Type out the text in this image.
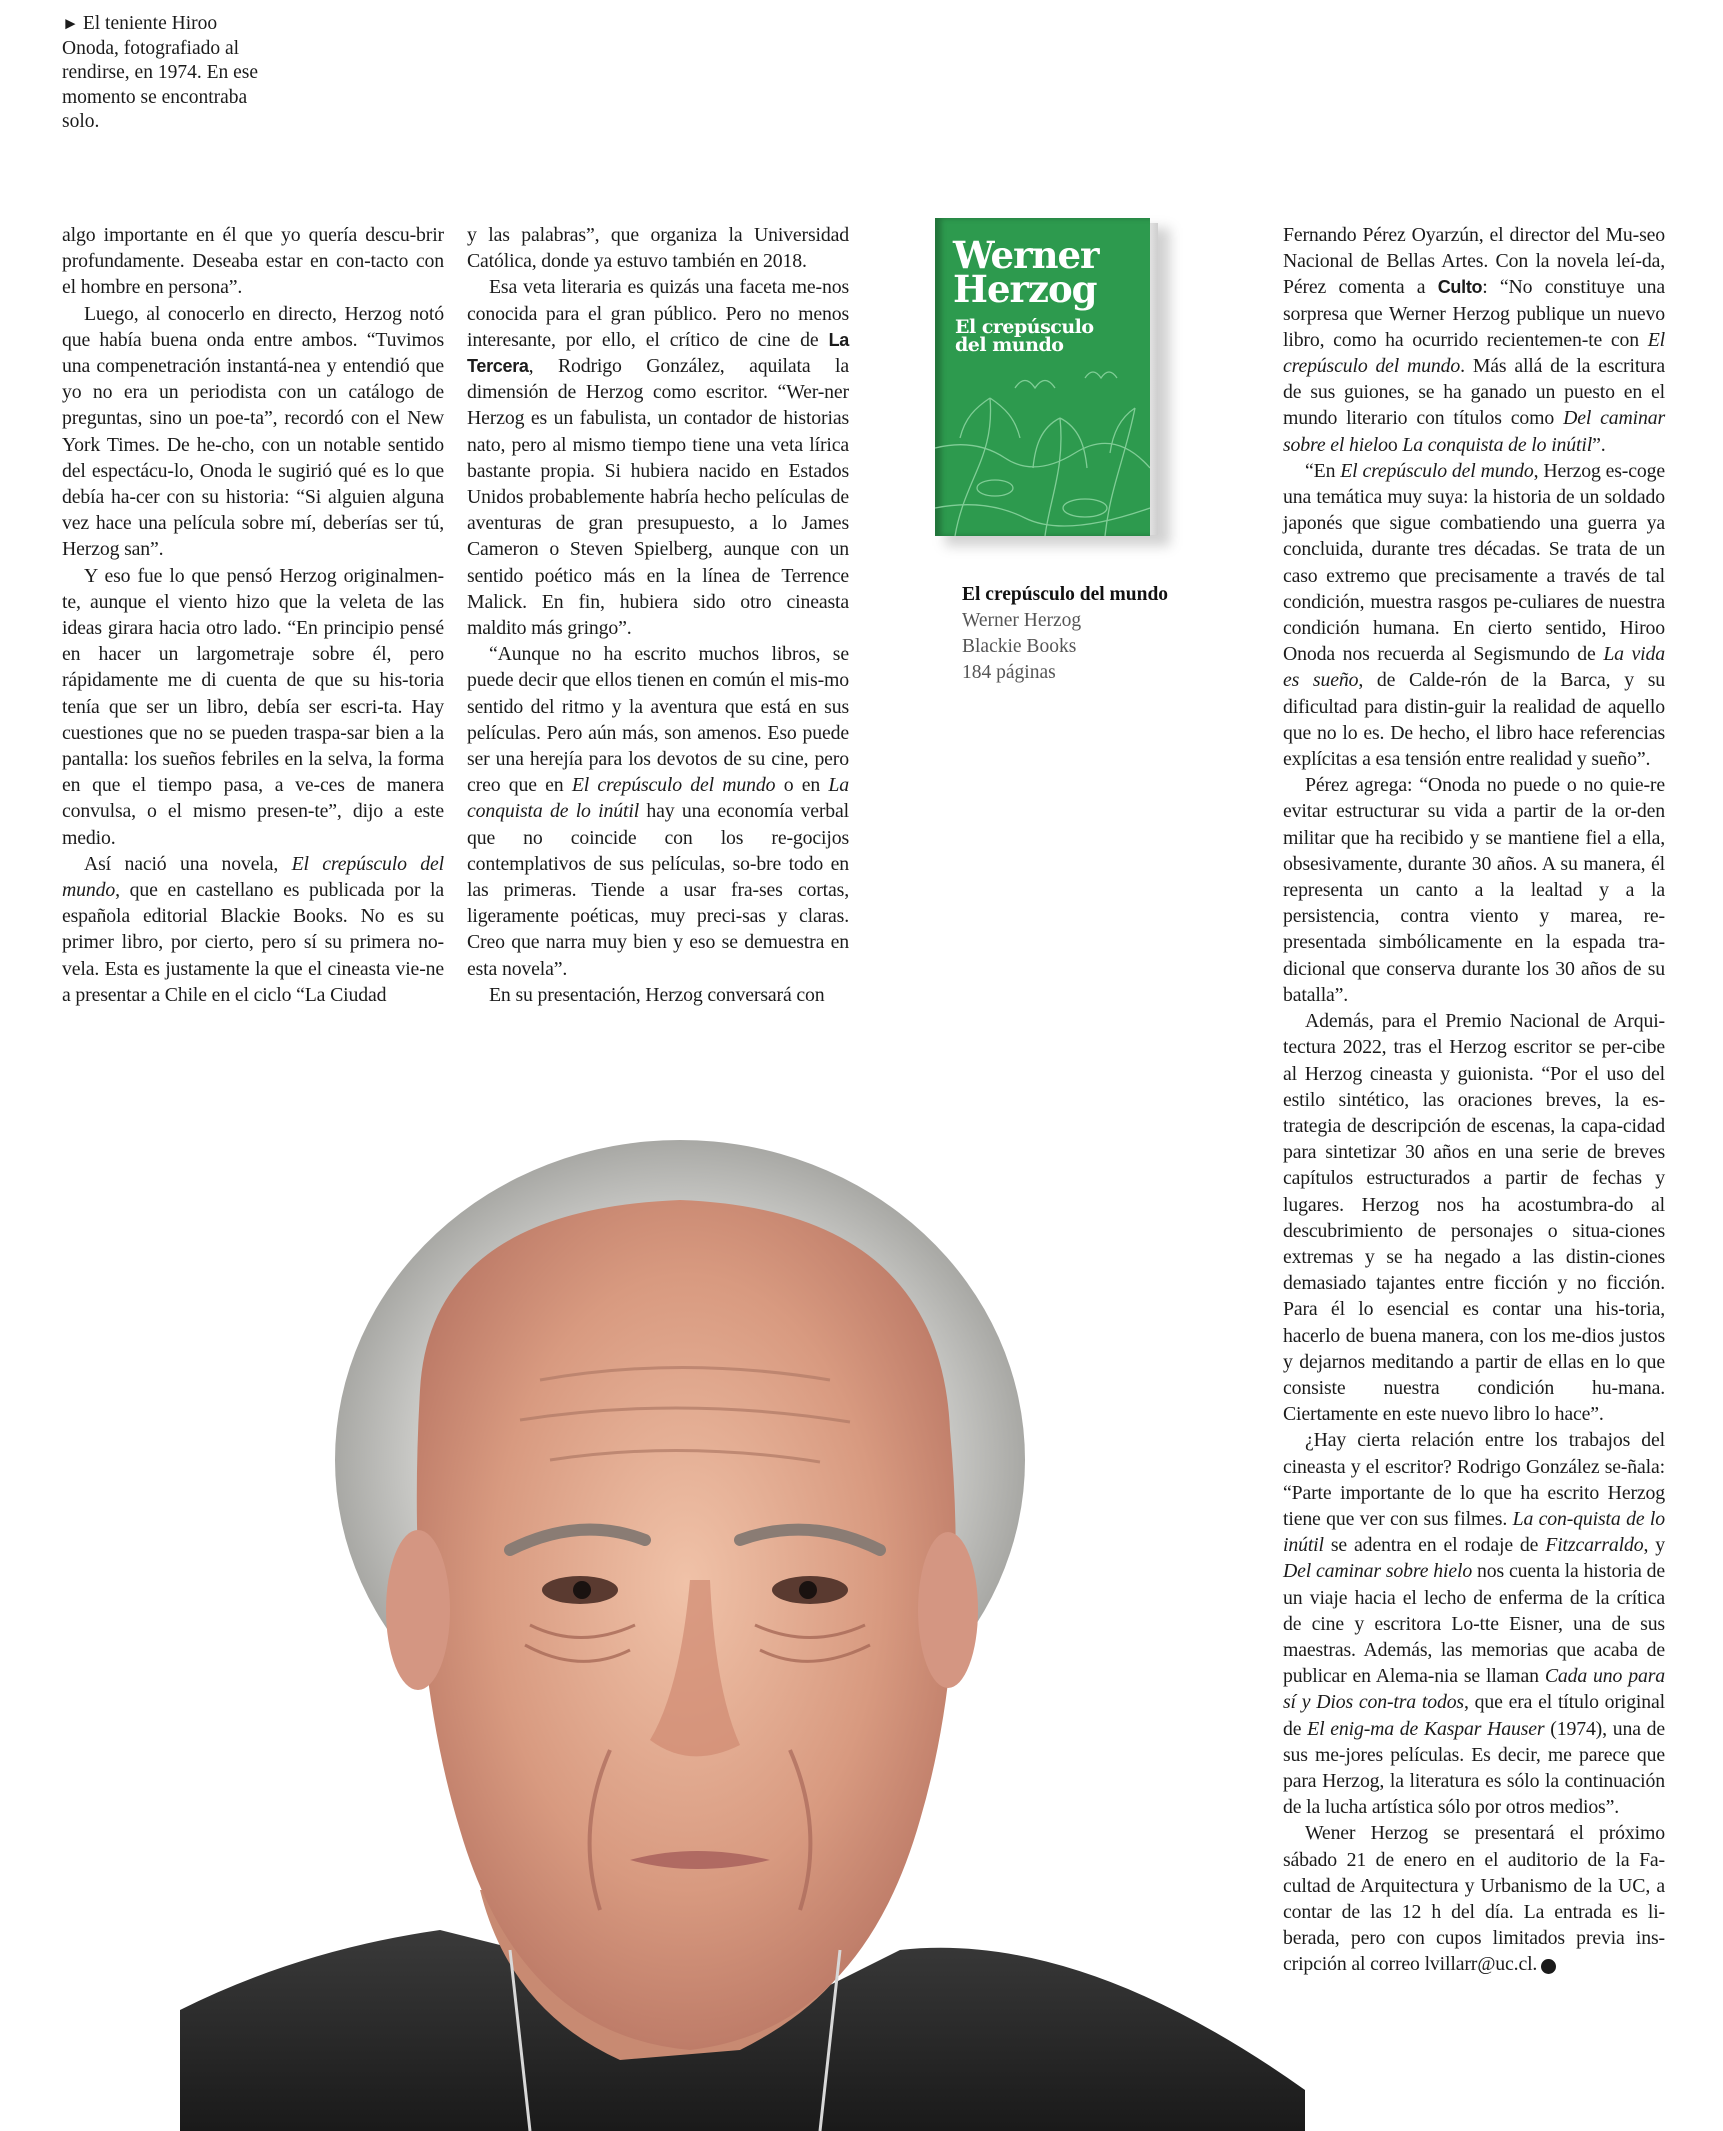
► El teniente Hiroo Onoda, fotografiado al rendirse, en 1974. En ese momento se encontraba solo.

algo importante en él que yo quería descu-brir profundamente. Deseaba estar en con-tacto con el hombre en persona”.

Luego, al conocerlo en directo, Herzog notó que había buena onda entre ambos. “Tuvimos una compenetración instantá-nea y entendió que yo no era un periodista con un catálogo de preguntas, sino un poe-ta”, recordó con el New York Times. De he-cho, con un notable sentido del espectácu-lo, Onoda le sugirió qué es lo que debía ha-cer con su historia: “Si alguien alguna vez hace una película sobre mí, deberías ser tú, Herzog san”.

Y eso fue lo que pensó Herzog originalmen-te, aunque el viento hizo que la veleta de las ideas girara hacia otro lado. “En principio pensé en hacer un largometraje sobre él, pero rápidamente me di cuenta de que su his-toria tenía que ser un libro, debía ser escri-ta. Hay cuestiones que no se pueden traspa-sar bien a la pantalla: los sueños febriles en la selva, la forma en que el tiempo pasa, a ve-ces de manera convulsa, o el mismo presen-te”, dijo a este medio.

Así nació una novela, El crepúsculo del mundo, que en castellano es publicada por la española editorial Blackie Books. No es su primer libro, por cierto, pero sí su primera no-vela. Esta es justamente la que el cineasta vie-ne a presentar a Chile en el ciclo “La Ciudad

y las palabras”, que organiza la Universidad Católica, donde ya estuvo también en 2018.

Esa veta literaria es quizás una faceta me-nos conocida para el gran público. Pero no menos interesante, por ello, el crítico de cine de La Tercera, Rodrigo González, aquilata la dimensión de Herzog como escritor. “Wer-ner Herzog es un fabulista, un contador de historias nato, pero al mismo tiempo tiene una veta lírica bastante propia. Si hubiera nacido en Estados Unidos probablemente habría hecho películas de aventuras de gran presupuesto, a lo James Cameron o Steven Spielberg, aunque con un sentido poético más en la línea de Terrence Malick. En fin, hubiera sido otro cineasta maldito más gringo”.

“Aunque no ha escrito muchos libros, se puede decir que ellos tienen en común el mis-mo sentido del ritmo y la aventura que está en sus películas. Pero aún más, son amenos. Eso puede ser una herejía para los devotos de su cine, pero creo que en El crepúsculo del mundo o en La conquista de lo inútil hay una economía verbal que no coincide con los re-gocijos contemplativos de sus películas, so-bre todo en las primeras. Tiende a usar fra-ses cortas, ligeramente poéticas, muy preci-sas y claras. Creo que narra muy bien y eso se demuestra en esta novela”.

En su presentación, Herzog conversará con

Werner Herzog
El crepúsculo del mundo
El crepúsculo del mundo
Werner Herzog
Blackie Books
184 páginas

Fernando Pérez Oyarzún, el director del Mu-seo Nacional de Bellas Artes. Con la novela leí-da, Pérez comenta a Culto: “No constituye una sorpresa que Werner Herzog publique un nuevo libro, como ha ocurrido recientemen-te con El crepúsculo del mundo. Más allá de la escritura de sus guiones, se ha ganado un puesto en el mundo literario con títulos como Del caminar sobre el hieloo La conquista de lo inútil”.

“En El crepúsculo del mundo, Herzog es-coge una temática muy suya: la historia de un soldado japonés que sigue combatiendo una guerra ya concluida, durante tres décadas. Se trata de un caso extremo que precisamente a través de tal condición, muestra rasgos pe-culiares de nuestra condición humana. En cierto sentido, Hiroo Onoda nos recuerda al Segismundo de La vida es sueño, de Calde-rón de la Barca, y su dificultad para distin-guir la realidad de aquello que no lo es. De hecho, el libro hace referencias explícitas a esa tensión entre realidad y sueño”.

Pérez agrega: “Onoda no puede o no quie-re evitar estructurar su vida a partir de la or-den militar que ha recibido y se mantiene fiel a ella, obsesivamente, durante 30 años. A su manera, él representa un canto a la lealtad y a la persistencia, contra viento y marea, re-presentada simbólicamente en la espada tra-dicional que conserva durante los 30 años de su batalla”.

Además, para el Premio Nacional de Arqui-tectura 2022, tras el Herzog escritor se per-cibe al Herzog cineasta y guionista. “Por el uso del estilo sintético, las oraciones breves, la es-trategia de descripción de escenas, la capa-cidad para sintetizar 30 años en una serie de breves capítulos estructurados a partir de fechas y lugares. Herzog nos ha acostumbra-do al descubrimiento de personajes o situa-ciones extremas y se ha negado a las distin-ciones demasiado tajantes entre ficción y no ficción. Para él lo esencial es contar una his-toria, hacerlo de buena manera, con los me-dios justos y dejarnos meditando a partir de ellas en lo que consiste nuestra condición hu-mana. Ciertamente en este nuevo libro lo hace”.

¿Hay cierta relación entre los trabajos del cineasta y el escritor? Rodrigo González se-ñala: “Parte importante de lo que ha escrito Herzog tiene que ver con sus filmes. La con-quista de lo inútil se adentra en el rodaje de Fitzcarraldo, y Del caminar sobre hielo nos cuenta la historia de un viaje hacia el lecho de enferma de la crítica de cine y escritora Lo-tte Eisner, una de sus maestras. Además, las memorias que acaba de publicar en Alema-nia se llaman Cada uno para sí y Dios con-tra todos, que era el título original de El enig-ma de Kaspar Hauser (1974), una de sus me-jores películas. Es decir, me parece que para Herzog, la literatura es sólo la continuación de la lucha artística sólo por otros medios”.

Wener Herzog se presentará el próximo sábado 21 de enero en el auditorio de la Fa-cultad de Arquitectura y Urbanismo de la UC, a contar de las 12 h del día. La entrada es li-berada, pero con cupos limitados previa ins-cripción al correo lvillarr@uc.cl.	C
